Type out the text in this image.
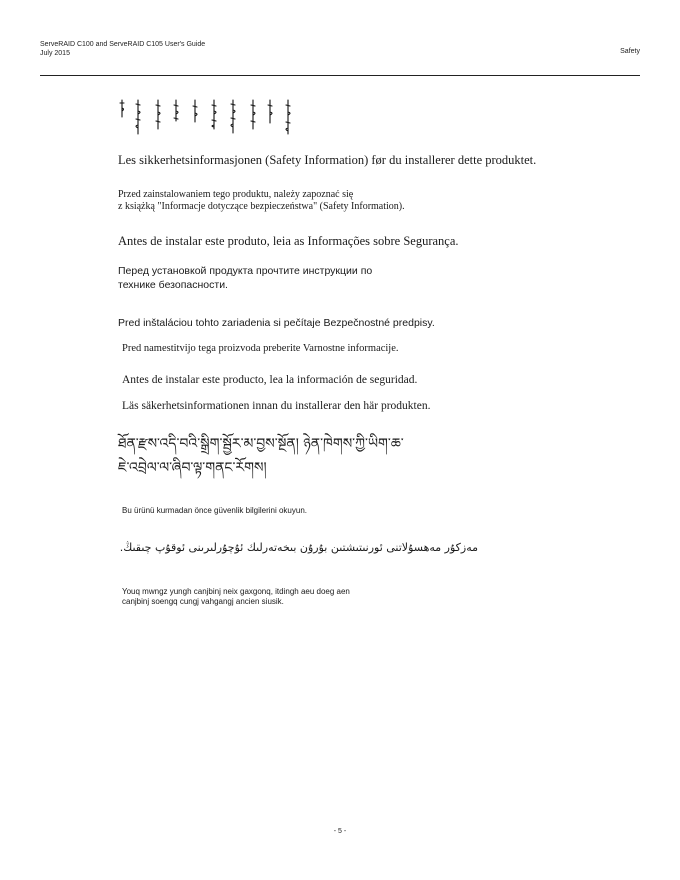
ServeRAID C100 and ServeRAID C105 User's Guide
July 2015	Safety
Les sikkerhetsinformasjonen (Safety Information) før du installerer dette produktet.
Przed zainstalowaniem tego produktu, należy zapoznać się
z książką "Informacje dotyczące bezpieczeństwa" (Safety Information).
Antes de instalar este produto, leia as Informações sobre Segurança.
Перед установкой продукта прочтите инструкции по
технике безопасности.
Pred inštaláciou tohto zariadenia si pečítaje Bezpečnostné predpisy.
Pred namestitvijo tega proizvoda preberite Varnostne informacije.
Antes de instalar este producto, lea la información de seguridad.
Läs säkerhetsinformationen innan du installerar den här produkten.
ཐོན་རྫས་འདི་བའི་སྒྲིག་སྦྱོར་མ་བྱས་སྔོན། ཉེན་ཁེགས་ཀྱི་ཡིག་ཆ་
ཇེ་འབྲེལ་ལ་ཞིབ་ལྟ་གནང་རོགས།
Bu ürünü kurmadan önce güvenlik bilgilerini okuyun.
مەزكۇر مەھسۇلاتنى ئورنىتىشتىن بۇرۇن بىخەتەرلىك ئۇچۇرلىرىنى ئوقۇپ چىقىڭ.
Youq mwngz yungh canjbinj neix gaxgonq, itdingh aeu doeg aen
canjbinj soengq cungj vahgangj ancien siusik.
- 5 -
